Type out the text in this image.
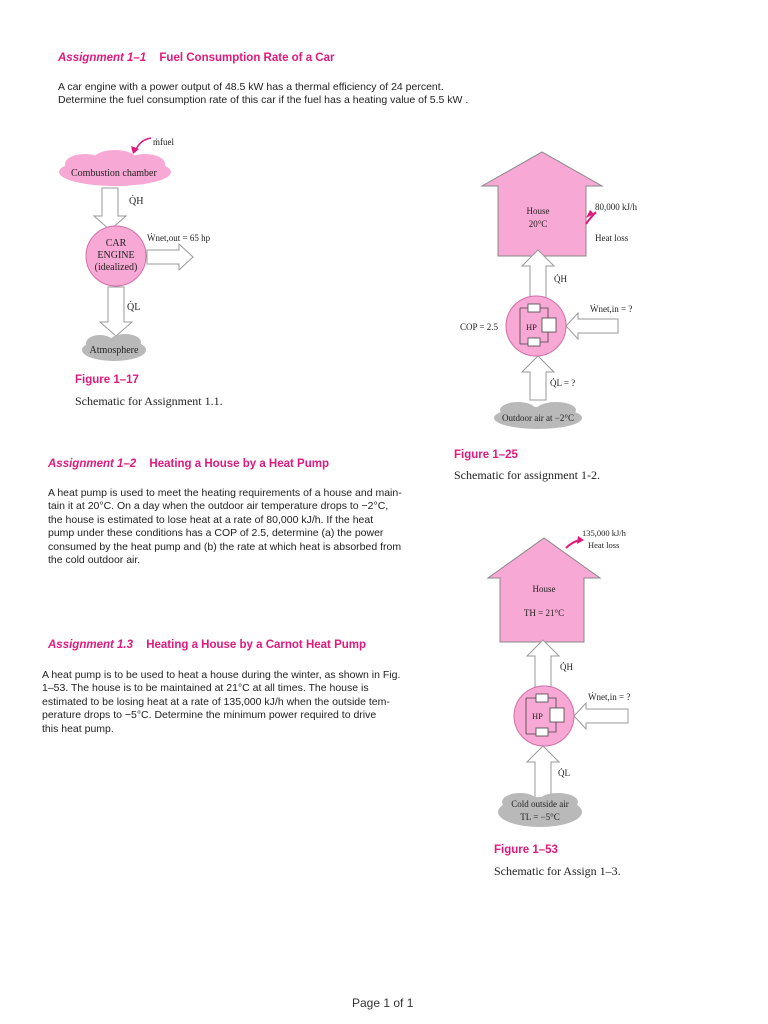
Assignment 1–1 Fuel Consumption Rate of a Car
A car engine with a power output of 48.5 kW has a thermal efficiency of 24 percent.
Determine the fuel consumption rate of this car if the fuel has a heating value of 5.5 kW .
Combustion chamber
ṁfuel
Q̇H
CAR
ENGINE
(idealized)
Ẇnet,out = 65 hp
Q̇L
Atmosphere
Figure 1–17
Schematic for Assignment 1.1.
House
20°C
80,000 kJ/h
Heat loss
Q̇H
HP
Ẇnet,in = ?
COP = 2.5
Q̇L = ?
Outdoor air at −2°C
Figure 1–25
Schematic for assignment 1-2.
Assignment 1–2 Heating a House by a Heat Pump
A heat pump is used to meet the heating requirements of a house and main-
tain it at 20°C. On a day when the outdoor air temperature drops to −2°C,
the house is estimated to lose heat at a rate of 80,000 kJ/h. If the heat
pump under these conditions has a COP of 2.5, determine (a) the power
consumed by the heat pump and (b) the rate at which heat is absorbed from
the cold outdoor air.
Assignment 1.3 Heating a House by a Carnot Heat Pump
A heat pump is to be used to heat a house during the winter, as shown in Fig.
1–53. The house is to be maintained at 21°C at all times. The house is
estimated to be losing heat at a rate of 135,000 kJ/h when the outside tem-
perature drops to −5°C. Determine the minimum power required to drive
this heat pump.
135,000 kJ/h
Heat loss
House
TH = 21°C
Q̇H
HP
Ẇnet,in = ?
Q̇L
Cold outside air
TL = −5°C
Figure 1–53
Schematic for Assign 1–3.
Page 1 of 1
